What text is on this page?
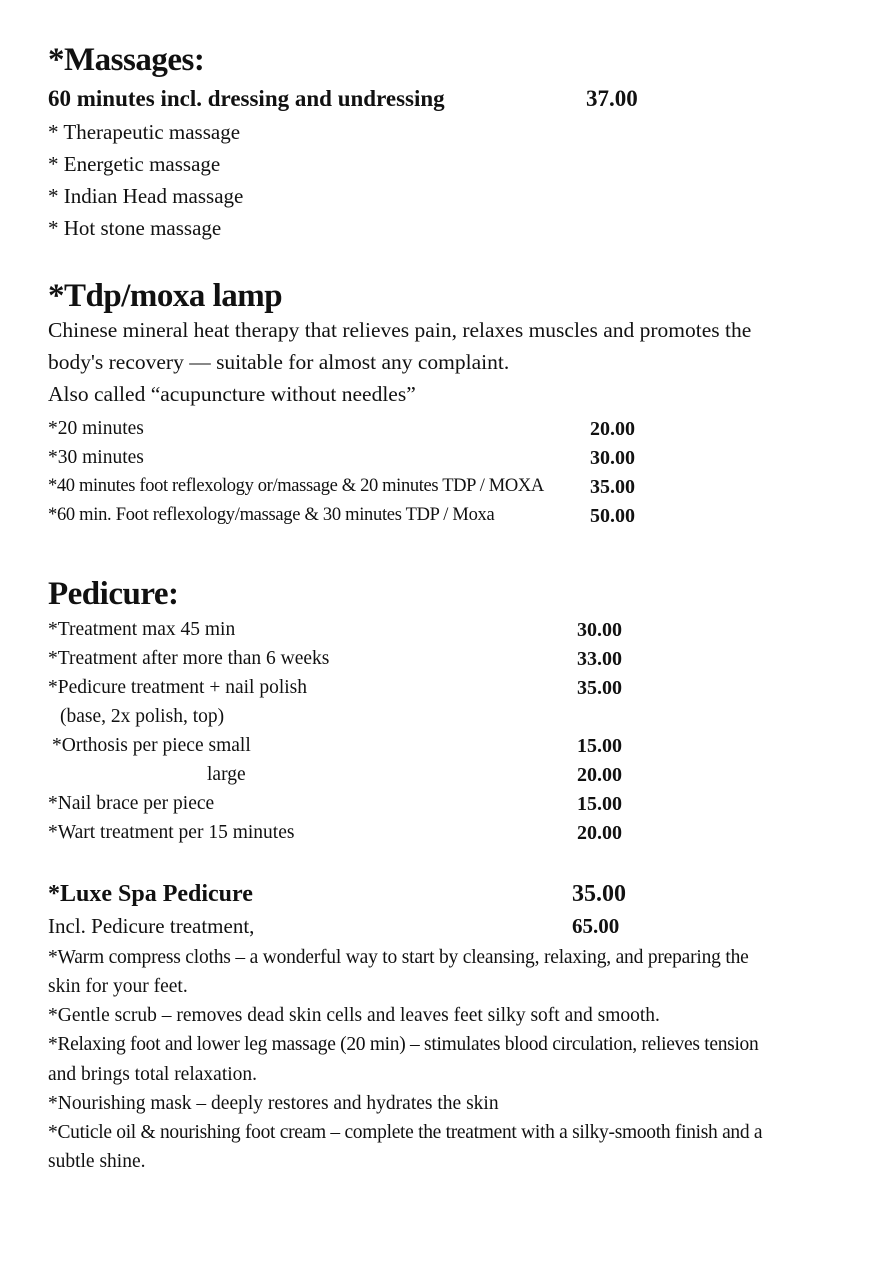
*Massages:
60 minutes incl. dressing and undressing	37.00
* Therapeutic massage
* Energetic massage
* Indian Head massage
* Hot stone massage
*Tdp/moxa lamp
Chinese mineral heat therapy that relieves pain, relaxes muscles and promotes the
body's recovery — suitable for almost any complaint.
Also called “acupuncture without needles”
*20 minutes	20.00
*30 minutes	30.00
*40 minutes foot reflexology or/massage & 20 minutes TDP / MOXA 35.00
*60 min. Foot reflexology/massage & 30 minutes TDP / Moxa	50.00
Pedicure:
*Treatment max 45 min	30.00
*Treatment after more than 6 weeks	33.00
*Pedicure treatment + nail polish	35.00
(base, 2x polish, top)
*Orthosis per piece small	15.00
large	20.00
*Nail brace per piece	15.00
*Wart treatment per 15 minutes	20.00
*Luxe Spa Pedicure	35.00
Incl. Pedicure treatment,	65.00
*Warm compress cloths – a wonderful way to start by cleansing, relaxing, and preparing the
skin for your feet.
*Gentle scrub – removes dead skin cells and leaves feet silky soft and smooth.
*Relaxing foot and lower leg massage (20 min) – stimulates blood circulation, relieves tension
and brings total relaxation.
*Nourishing mask – deeply restores and hydrates the skin
*Cuticle oil & nourishing foot cream – complete the treatment with a silky-smooth finish and a
subtle shine.
